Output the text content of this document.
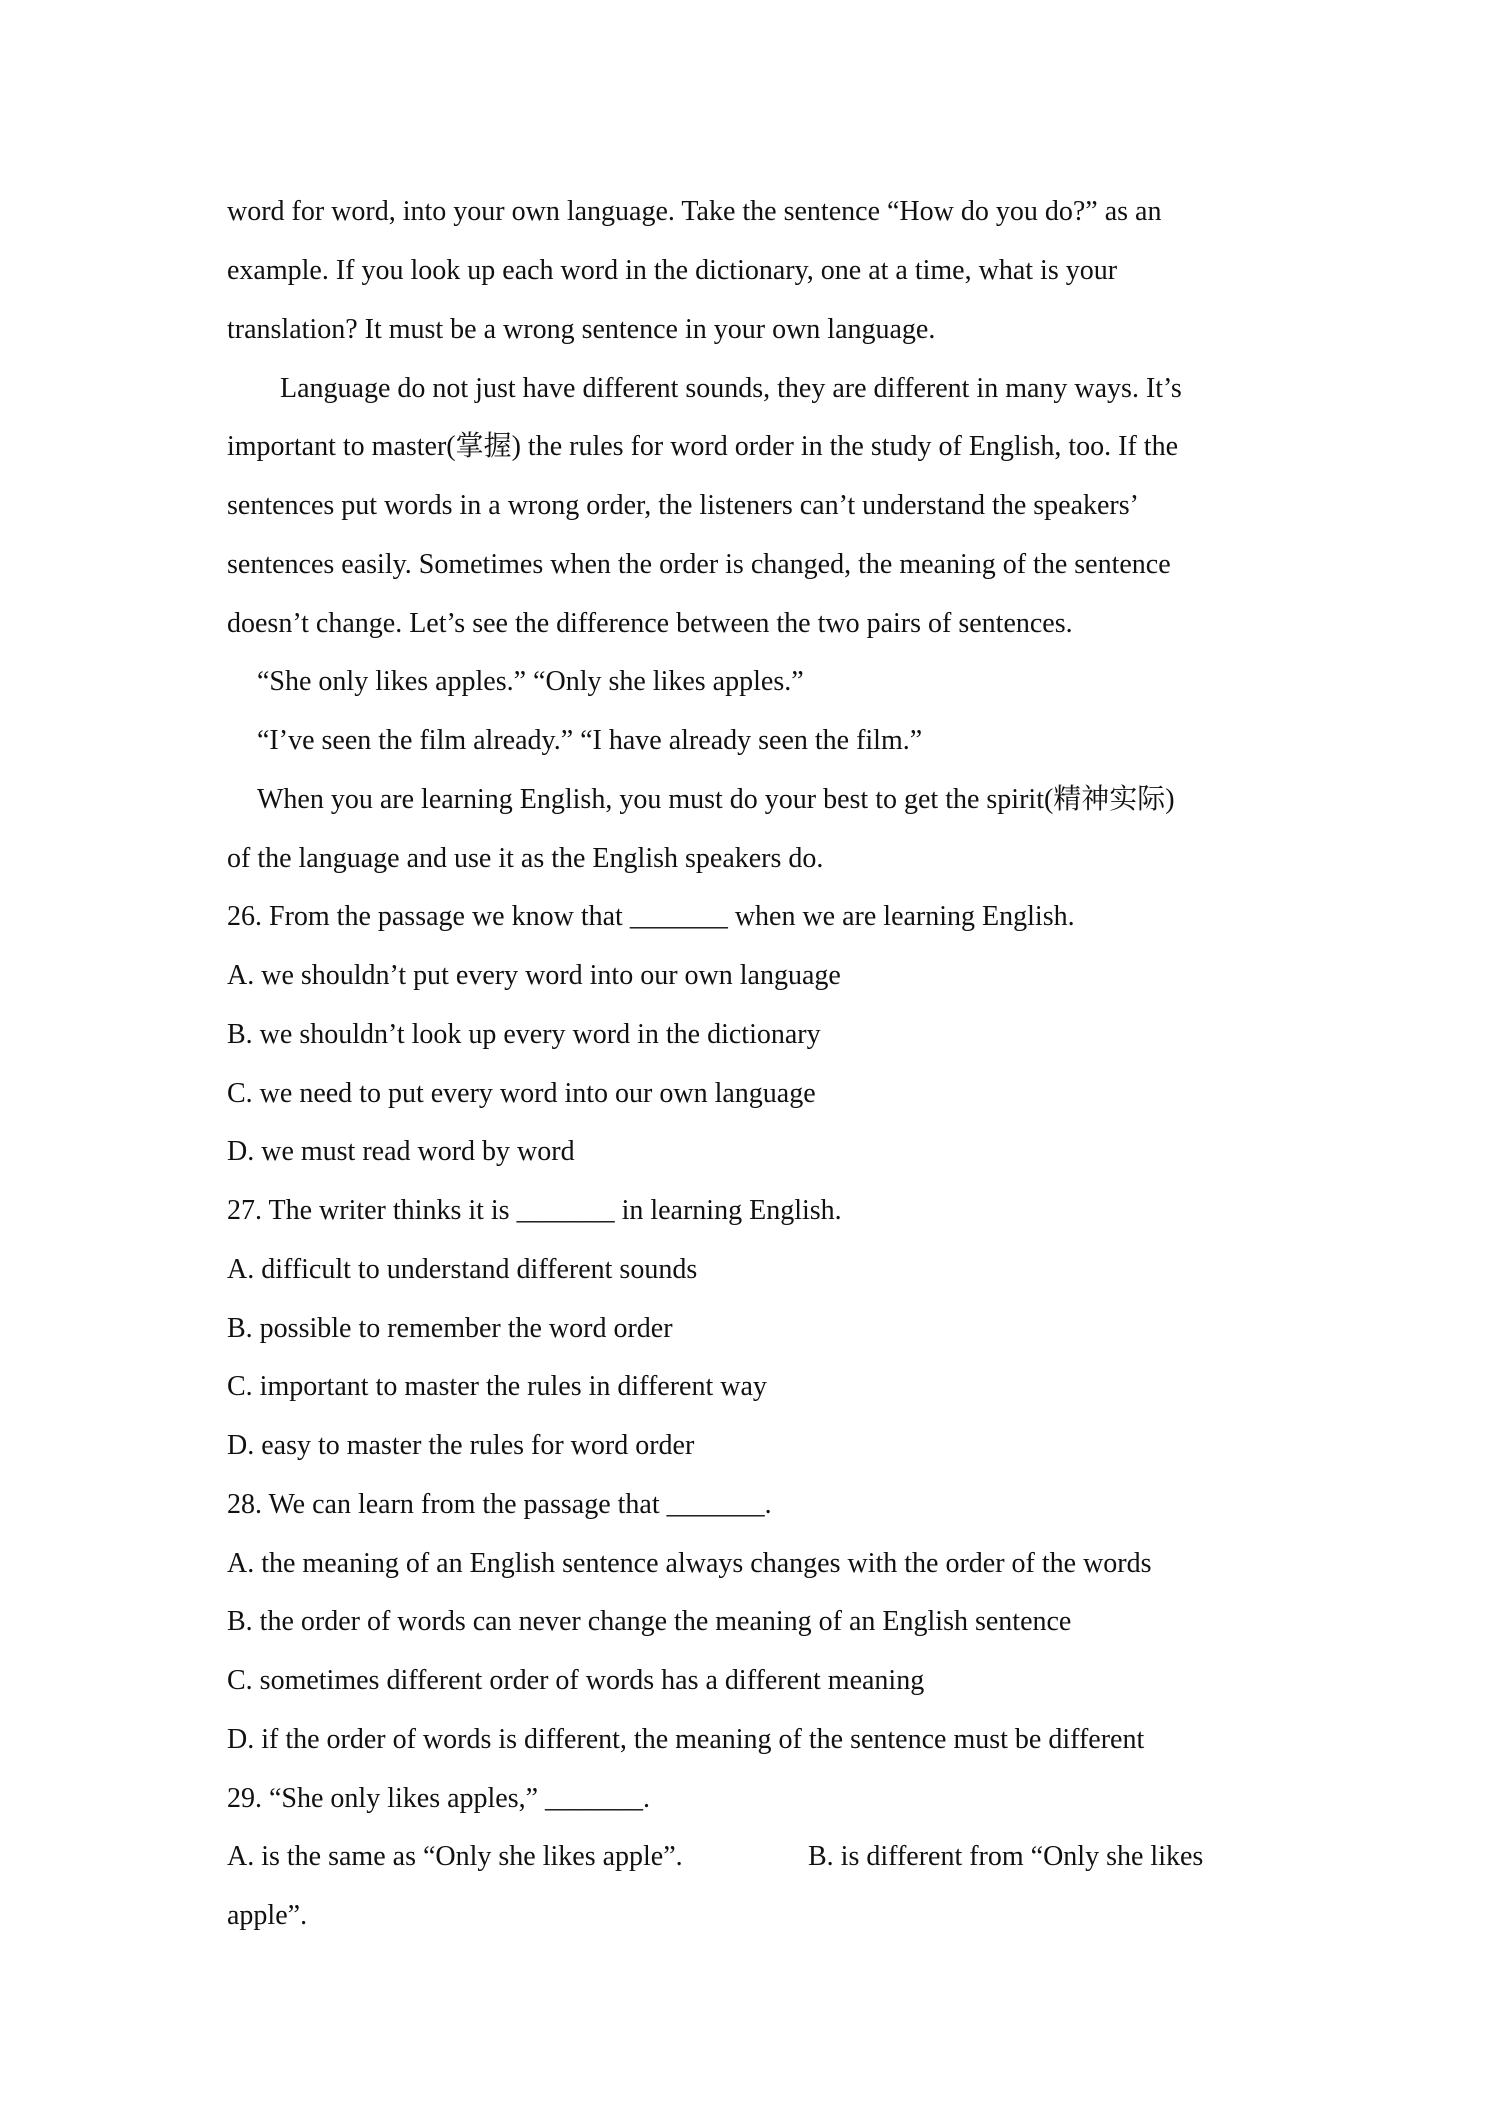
word for word, into your own language. Take the sentence “How do you do?” as an
example. If you look up each word in the dictionary, one at a time, what is your
translation? It must be a wrong sentence in your own language.
Language do not just have different sounds, they are different in many ways. It’s
important to master(掌握) the rules for word order in the study of English, too. If the
sentences put words in a wrong order, the listeners can’t understand the speakers’
sentences easily. Sometimes when the order is changed, the meaning of the sentence
doesn’t change. Let’s see the difference between the two pairs of sentences.
“She only likes apples.” “Only she likes apples.”
“I’ve seen the film already.” “I have already seen the film.”
When you are learning English, you must do your best to get the spirit(精神实际)
of the language and use it as the English speakers do.
26. From the passage we know that _______ when we are learning English.
A. we shouldn’t put every word into our own language
B. we shouldn’t look up every word in the dictionary
C. we need to put every word into our own language
D. we must read word by word
27. The writer thinks it is _______ in learning English.
A. difficult to understand different sounds
B. possible to remember the word order
C. important to master the rules in different way
D. easy to master the rules for word order
28. We can learn from the passage that _______.
A. the meaning of an English sentence always changes with the order of the words
B. the order of words can never change the meaning of an English sentence
C. sometimes different order of words has a different meaning
D. if the order of words is different, the meaning of the sentence must be different
29. “She only likes apples,” _______.
A. is the same as “Only she likes apple”.	B. is different from “Only she likes
apple”.
